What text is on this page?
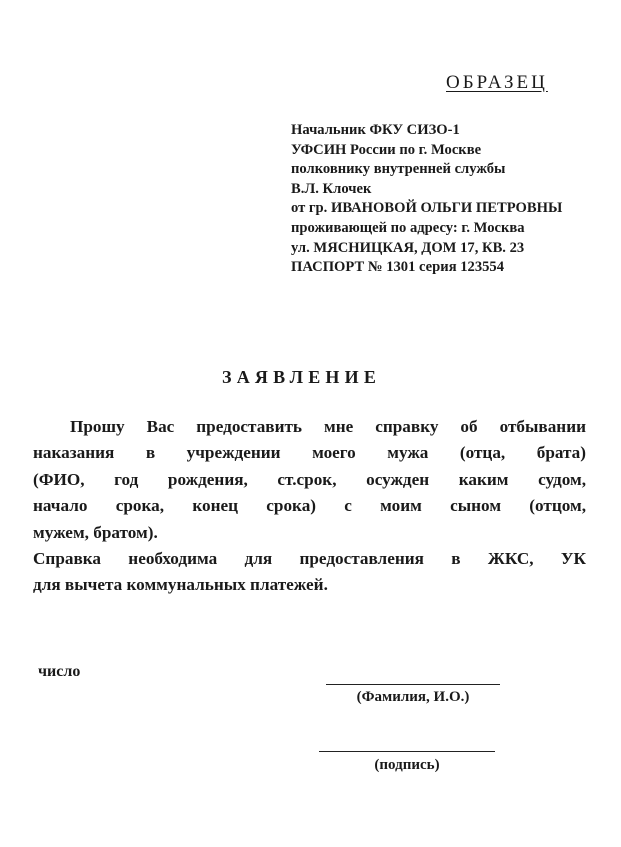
ОБРАЗЕЦ
Начальник ФКУ СИЗО-1
УФСИН России по г. Москве
полковнику внутренней службы
В.Л. Клочек
от гр. ИВАНОВОЙ ОЛЬГИ ПЕТРОВНЫ
проживающей по адресу: г. Москва
ул. МЯСНИЦКАЯ, ДОМ 17, КВ. 23
ПАСПОРТ № 1301 серия 123554
ЗАЯВЛЕНИЕ

Прошу Вас предоставить мне справку об отбывании

наказания в учреждении моего мужа (отца, брата)

(ФИО, год рождения, ст.срок, осужден каким судом,

начало срока, конец срока) с моим сыном (отцом,

мужем, братом).

Справка необходима для предоставления в ЖКС, УК

для вычета коммунальных платежей.

число
(Фамилия, И.О.)
(подпись)
